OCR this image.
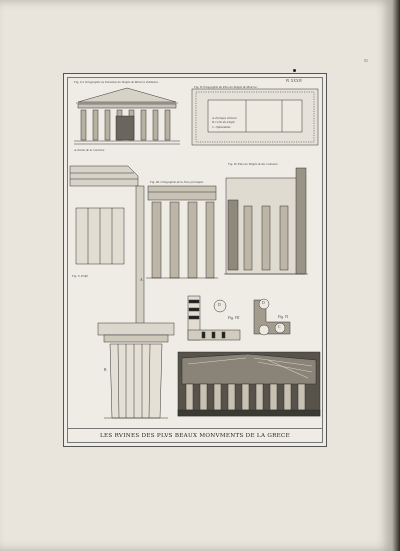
51
Fig. I.re Ortographie ou Elevation du Temple de Minerve d'Athenes.	Pl. XXXIV
Fig. II Ortographie du Plan du Temple de Minerve.
A. Portique d'entree
B. Celle du temple
C. Opistodome
A. Partie de la Corniche
Fig. III. Ortographie de la Face principale
Fig. IV. Plan du Temple & des Colonnes
Fig. V. Profil
Fig. VI
Fig. VII
Fig. VIII
D	D
C
A
B
LES RVINES DES PLVS BEAUX MONVMENTS DE LA GRECE
